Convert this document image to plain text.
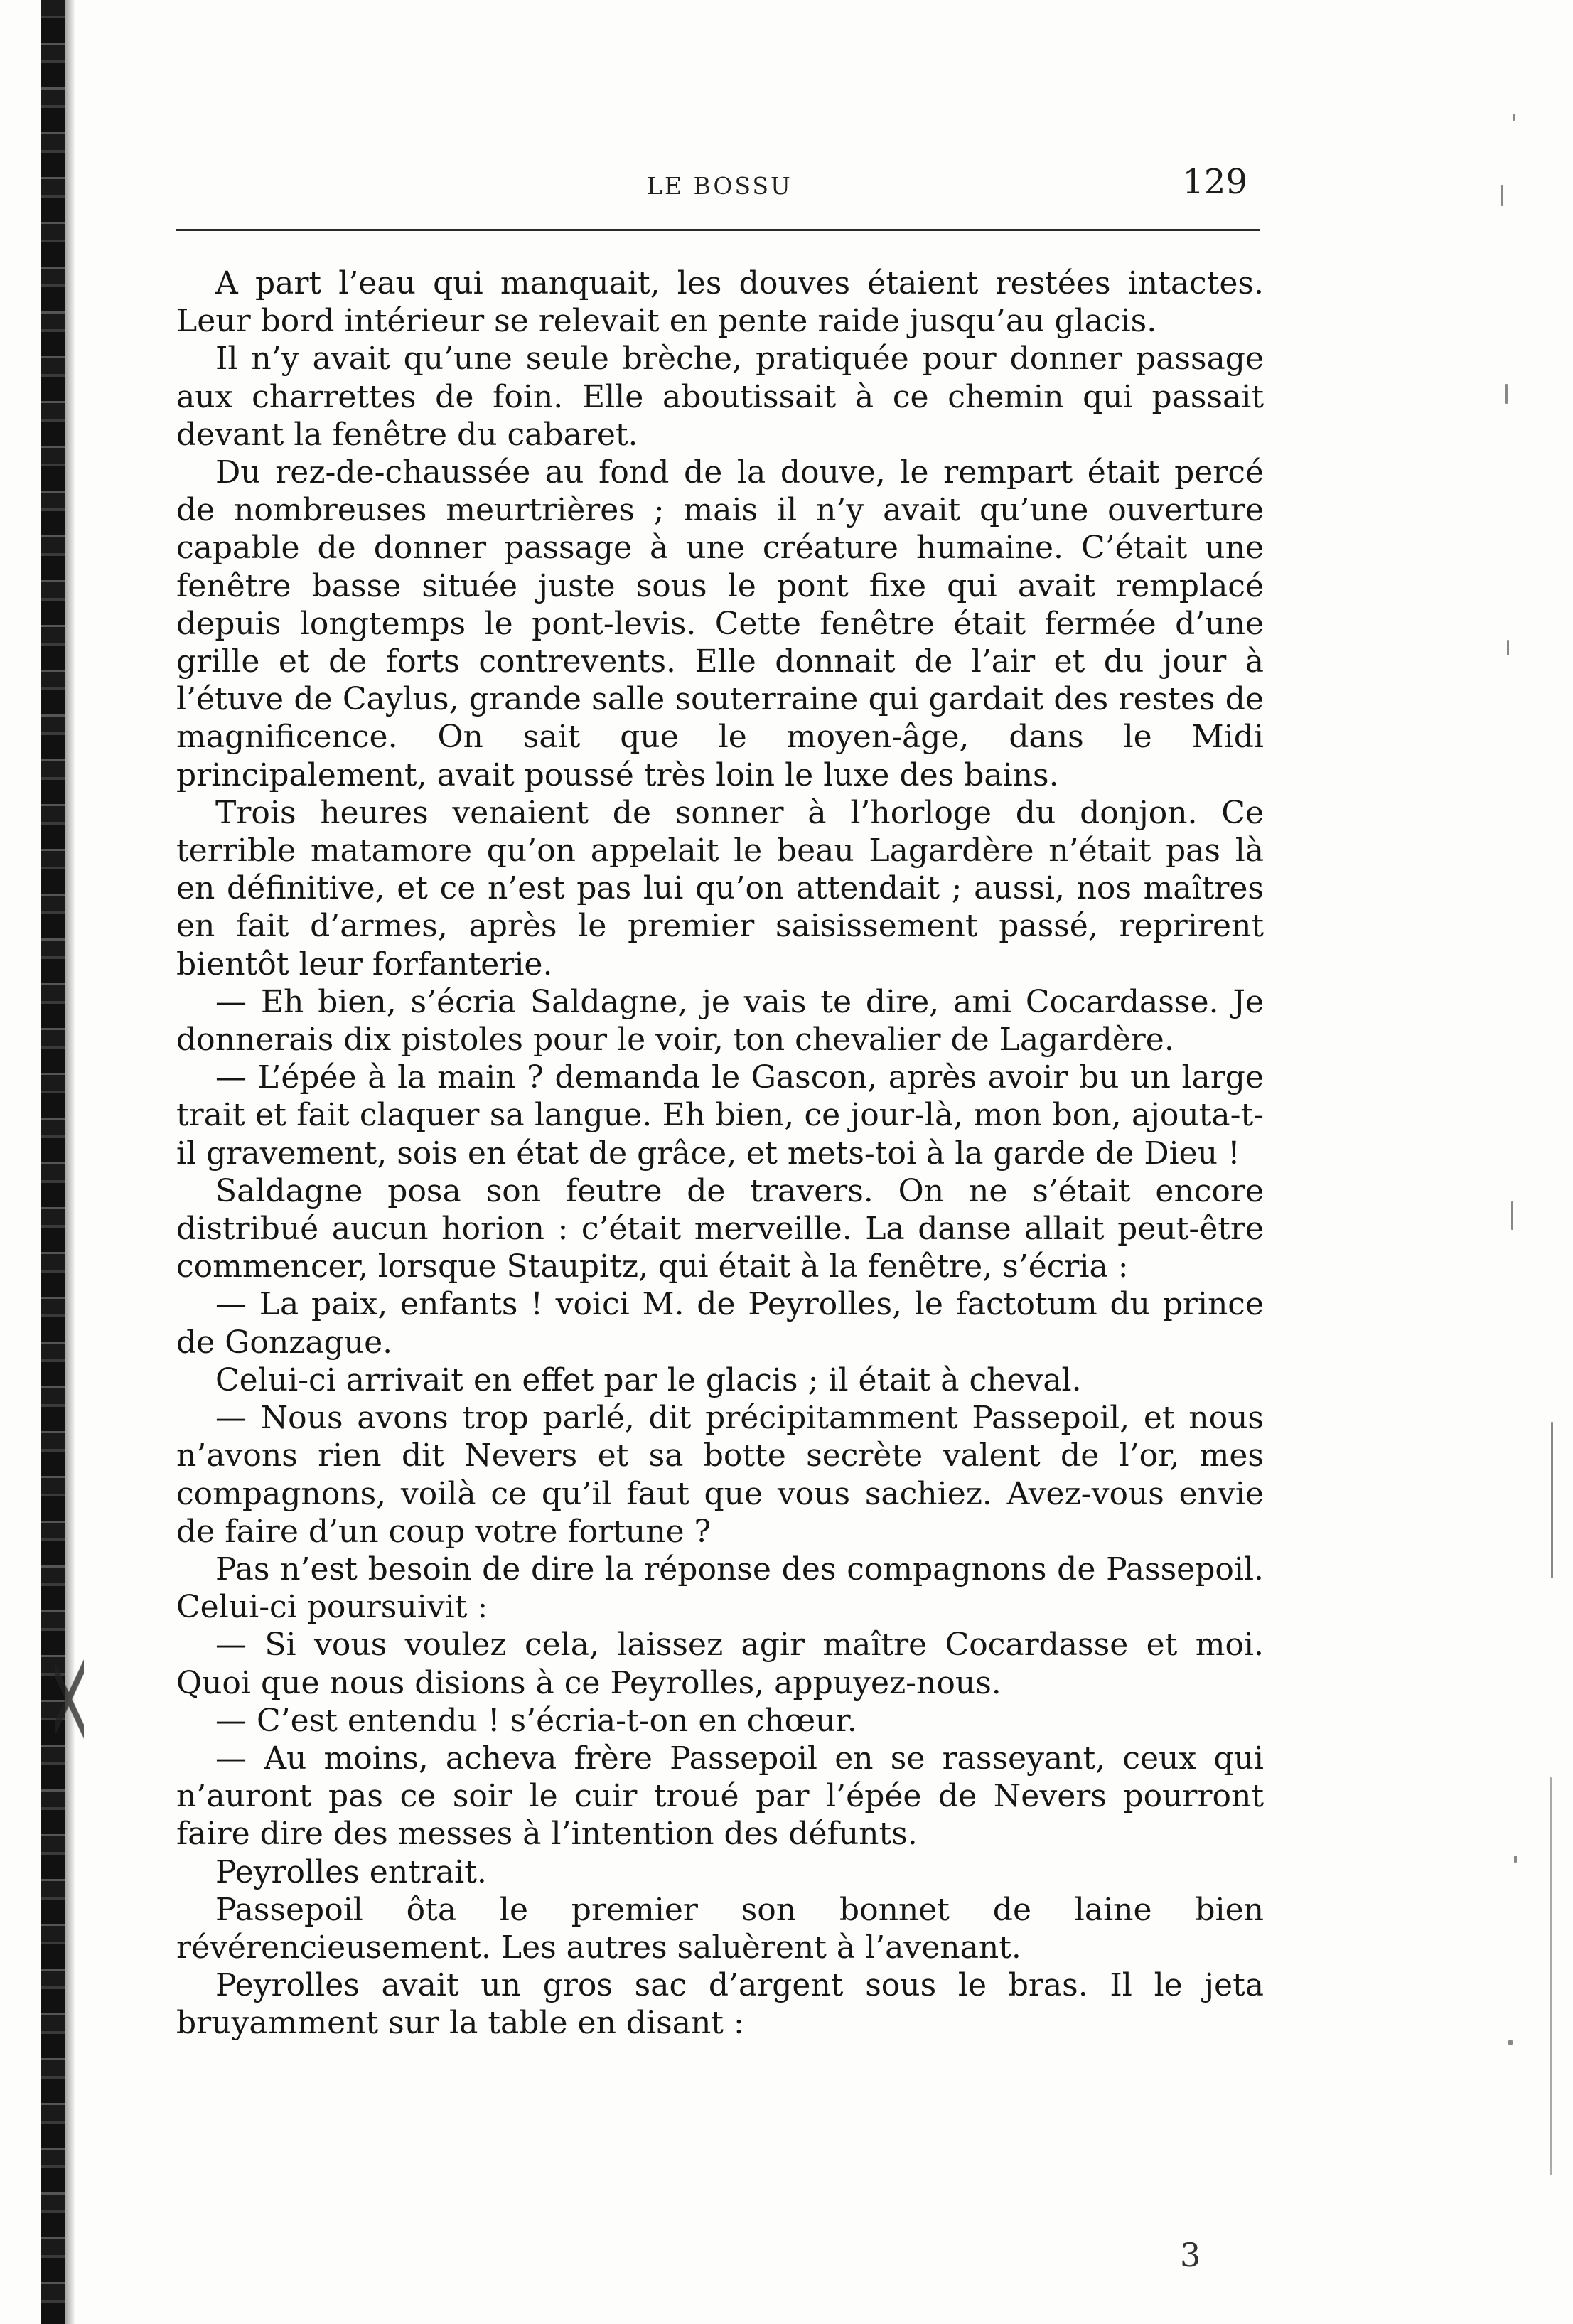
LE BOSSU	129

A part l’eau qui manquait, les douves étaient restées intactes. Leur bord intérieur se relevait en pente raide jusqu’au glacis.

Il n’y avait qu’une seule brèche, pratiquée pour donner passage aux charrettes de foin. Elle aboutissait à ce chemin qui passait devant la fenêtre du cabaret.

Du rez-de-chaussée au fond de la douve, le rempart était percé de nombreuses meurtrières ; mais il n’y avait qu’une ouverture capable de donner passage à une créature humaine. C’était une fenêtre basse située juste sous le pont fixe qui avait remplacé depuis longtemps le pont-levis. Cette fenêtre était fermée d’une grille et de forts contrevents. Elle donnait de l’air et du jour à l’étuve de Caylus, grande salle souterraine qui gardait des restes de magnificence. On sait que le moyen-âge, dans le Midi principalement, avait poussé très loin le luxe des bains.

Trois heures venaient de sonner à l’horloge du donjon. Ce terrible matamore qu’on appelait le beau Lagardère n’était pas là en définitive, et ce n’est pas lui qu’on attendait ; aussi, nos maîtres en fait d’armes, après le premier saisissement passé, reprirent bientôt leur forfanterie.

— Eh bien, s’écria Saldagne, je vais te dire, ami Cocardasse. Je donnerais dix pistoles pour le voir, ton chevalier de Lagardère.

— L’épée à la main ? demanda le Gascon, après avoir bu un large trait et fait claquer sa langue. Eh bien, ce jour-là, mon bon, ajouta-t-il gravement, sois en état de grâce, et mets-toi à la garde de Dieu !

Saldagne posa son feutre de travers. On ne s’était encore distribué aucun horion : c’était merveille. La danse allait peut-être commencer, lorsque Staupitz, qui était à la fenêtre, s’écria :

— La paix, enfants ! voici M. de Peyrolles, le factotum du prince de Gonzague.

Celui-ci arrivait en effet par le glacis ; il était à cheval.

— Nous avons trop parlé, dit précipitamment Passepoil, et nous n’avons rien dit Nevers et sa botte secrète valent de l’or, mes compagnons, voilà ce qu’il faut que vous sachiez. Avez-vous envie de faire d’un coup votre fortune ?

Pas n’est besoin de dire la réponse des compagnons de Passepoil. Celui-ci poursuivit :

— Si vous voulez cela, laissez agir maître Cocardasse et moi. Quoi que nous disions à ce Peyrolles, appuyez-nous.

— C’est entendu ! s’écria-t-on en chœur.

— Au moins, acheva frère Passepoil en se rasseyant, ceux qui n’auront pas ce soir le cuir troué par l’épée de Nevers pourront faire dire des messes à l’intention des défunts.

Peyrolles entrait.

Passepoil ôta le premier son bonnet de laine bien révérencieusement. Les autres saluèrent à l’avenant.

Peyrolles avait un gros sac d’argent sous le bras. Il le jeta bruyamment sur la table en disant :

3
